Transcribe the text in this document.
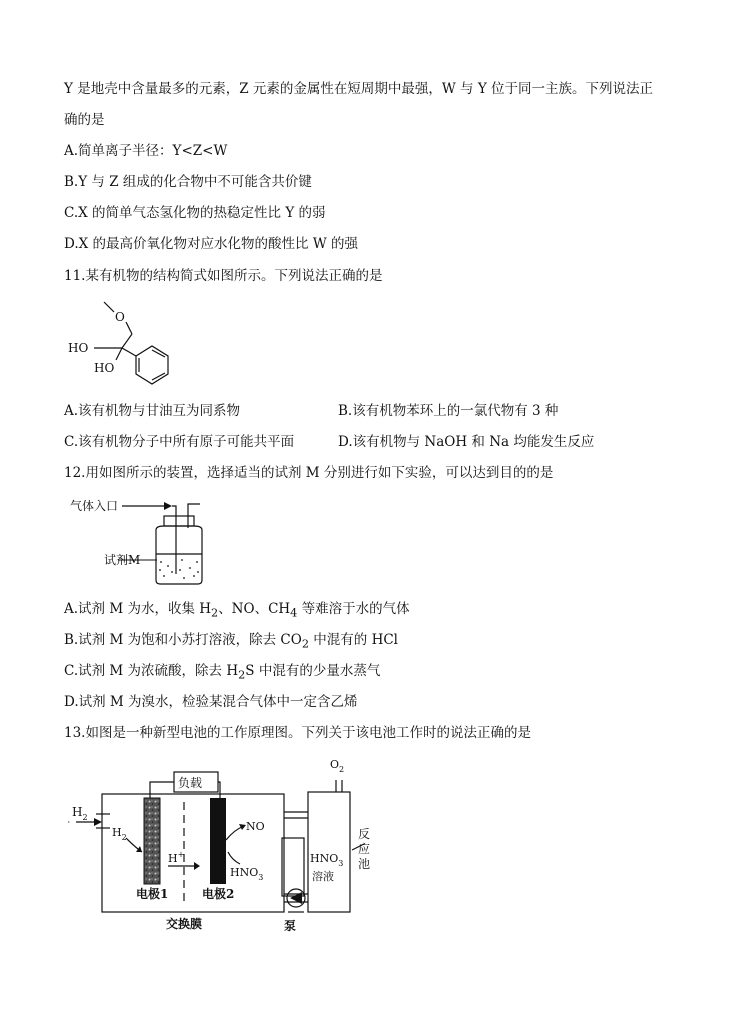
Y 是地壳中含量最多的元素，Z 元素的金属性在短周期中最强，W 与 Y 位于同一主族。下列说法正
确的是
A.简单离子半径：Y<Z<W
B.Y 与 Z 组成的化合物中不可能含共价键
C.X 的简单气态氢化物的热稳定性比 Y 的弱
D.X 的最高价氧化物对应水化物的酸性比 W 的强
11.某有机物的结构简式如图所示。下列说法正确的是
O
HO
HO
A.该有机物与甘油互为同系物	B.该有机物苯环上的一氯代物有 3 种
C.该有机物分子中所有原子可能共平面	D.该有机物与 NaOH 和 Na 均能发生反应
12.用如图所示的装置，选择适当的试剂 M 分别进行如下实验，可以达到目的的是
气体入口
试剂M
A.试剂 M 为水，收集 $H_2$、NO、$CH_4$ 等难溶于水的气体
B.试剂 M 为饱和小苏打溶液，除去 $CO_2$ 中混有的 HCl
C.试剂 M 为浓硫酸，除去 $H_2S$ 中混有的少量水蒸气
D.试剂 M 为溴水，检验某混合气体中一定含乙烯
13.如图是一种新型电池的工作原理图。下列关于该电池工作时的说法正确的是
负载
$H_2$
$H_2$
H+
NO
$HNO_3$
$O_2$
$HNO_3$
溶液
反
应
池
电极1	电极2
交换膜	泵
